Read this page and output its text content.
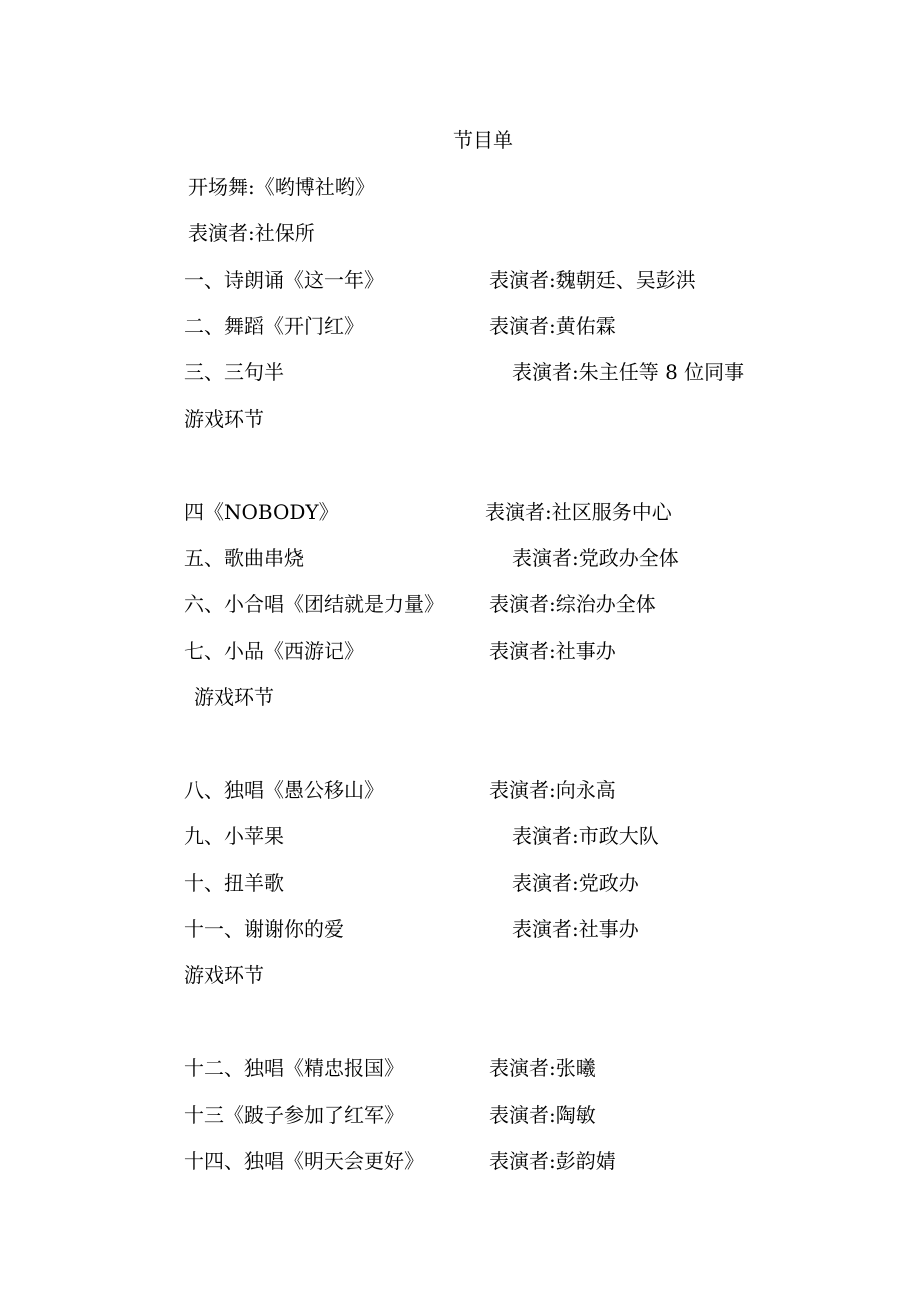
节目单
开场舞:《哟博社哟》
表演者:社保所
一、诗朗诵《这一年》	表演者:魏朝廷、吴彭洪
二、舞蹈《开门红》	表演者:黄佑霖
三、三句半	表演者:朱主任等 8 位同事
游戏环节
四《NOBODY》	表演者:社区服务中心
五、歌曲串烧	表演者:党政办全体
六、小合唱《团结就是力量》 表演者:综治办全体
七、小品《西游记》	表演者:社事办
游戏环节
八、独唱《愚公移山》	表演者:向永高
九、小苹果	表演者:市政大队
十、扭羊歌	表演者:党政办
十一、谢谢你的爱	表演者:社事办
游戏环节
十二、独唱《精忠报国》	表演者:张曦
十三《跛子参加了红军》	表演者:陶敏
十四、独唱《明天会更好》	表演者:彭韵婧
